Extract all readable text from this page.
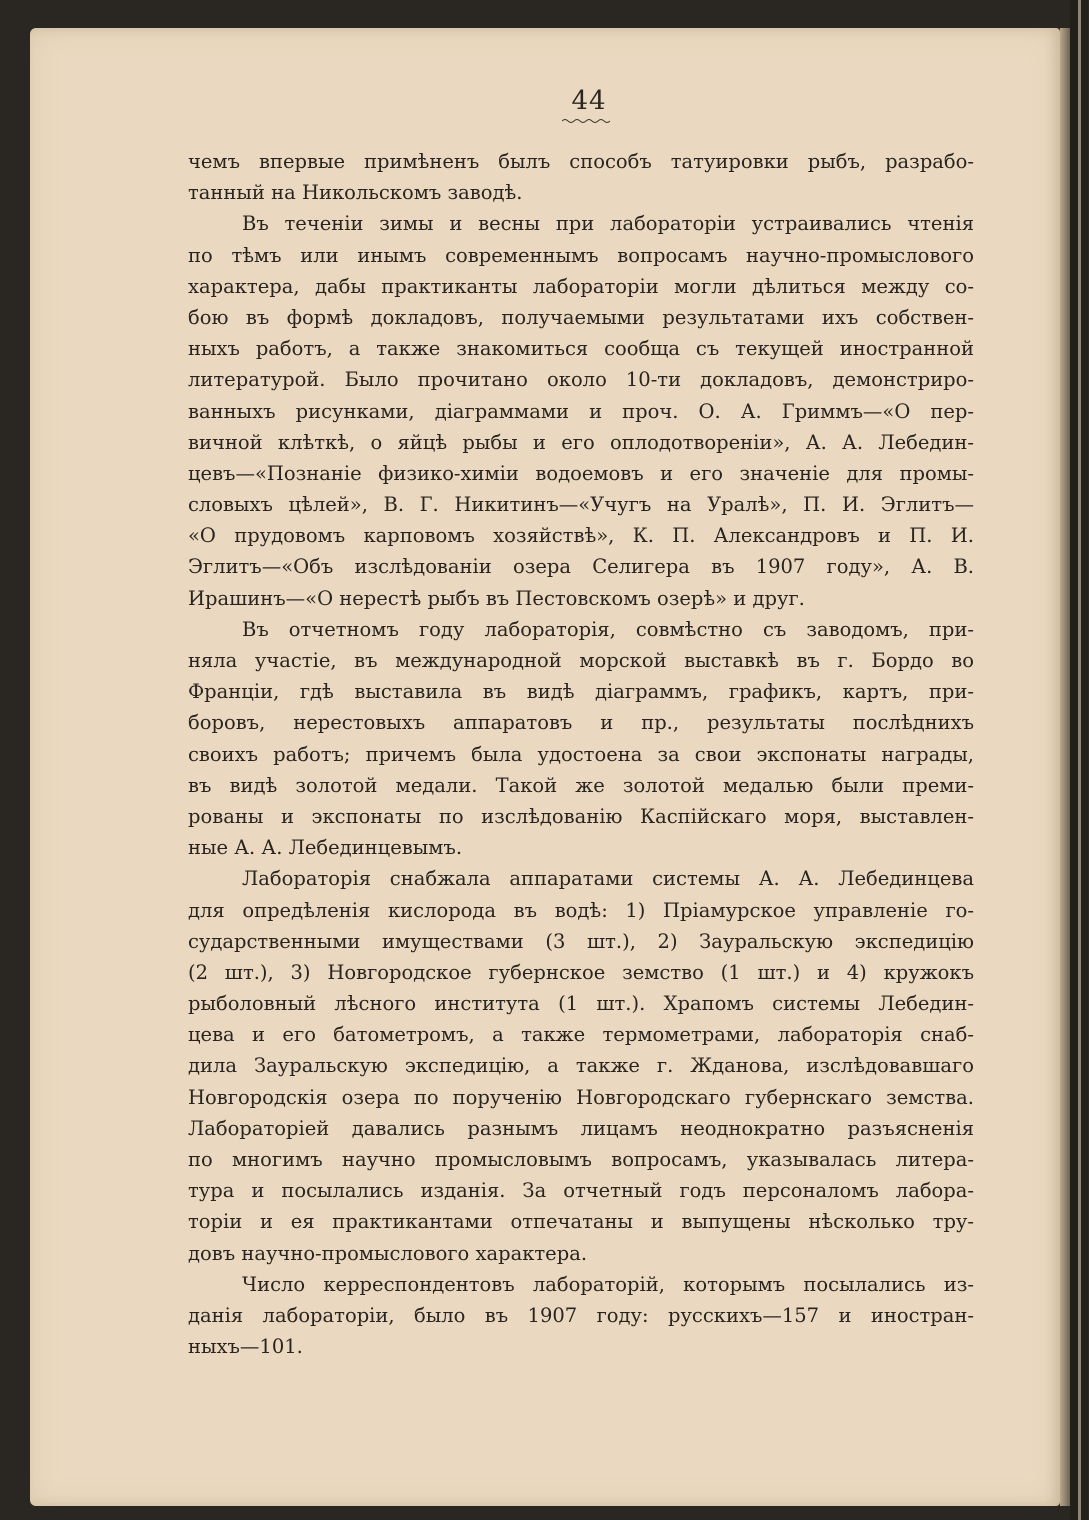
44
чемъ впервые примѣненъ былъ способъ татуировки рыбъ, разрабо-
танный на Никольскомъ заводѣ.
Въ теченіи зимы и весны при лабораторіи устраивались чтенія
по тѣмъ или инымъ современнымъ вопросамъ научно-промыслового
характера, дабы практиканты лабораторіи могли дѣлиться между со-
бою въ формѣ докладовъ, получаемыми результатами ихъ собствен-
ныхъ работъ, а также знакомиться сообща съ текущей иностранной
литературой. Было прочитано около 10-ти докладовъ, демонстриро-
ванныхъ рисунками, діаграммами и проч. О. А. Гриммъ—«О пер-
вичной клѣткѣ, о яйцѣ рыбы и его оплодотвореніи», А. А. Лебедин-
цевъ—«Познаніе физико-химіи водоемовъ и его значеніе для промы-
словыхъ цѣлей», В. Г. Никитинъ—«Учугъ на Уралѣ», П. И. Эглитъ—
«О прудовомъ карповомъ хозяйствѣ», К. П. Александровъ и П. И.
Эглитъ—«Объ изслѣдованіи озера Селигера въ 1907 году», А. В.
Ирашинъ—«О нерестѣ рыбъ въ Пестовскомъ озерѣ» и друг.
Въ отчетномъ году лабораторія, совмѣстно съ заводомъ, при-
няла участіе, въ международной морской выставкѣ въ г. Бордо во
Франціи, гдѣ выставила въ видѣ діаграммъ, графикъ, картъ, при-
боровъ, нерестовыхъ аппаратовъ и пр., результаты послѣднихъ
своихъ работъ; причемъ была удостоена за свои экспонаты награды,
въ видѣ золотой медали. Такой же золотой медалью были преми-
рованы и экспонаты по изслѣдованію Каспійскаго моря, выставлен-
ные А. А. Лебединцевымъ.
Лабораторія снабжала аппаратами системы А. А. Лебединцева
для опредѣленія кислорода въ водѣ: 1) Пріамурское управленіе го-
сударственными имуществами (3 шт.), 2) Зауральскую экспедицію
(2 шт.), 3) Новгородское губернское земство (1 шт.) и 4) кружокъ
рыболовный лѣсного института (1 шт.). Храпомъ системы Лебедин-
цева и его батометромъ, а также термометрами, лабораторія снаб-
дила Зауральскую экспедицію, а также г. Жданова, изслѣдовавшаго
Новгородскія озера по порученію Новгородскаго губернскаго земства.
Лабораторіей давались разнымъ лицамъ неоднократно разъясненія
по многимъ научно промысловымъ вопросамъ, указывалась литера-
тура и посылались изданія. За отчетный годъ персоналомъ лабора-
торіи и ея практикантами отпечатаны и выпущены нѣсколько тру-
довъ научно-промыслового характера.
Число керреспондентовъ лабораторій, которымъ посылались из-
данія лабораторіи, было въ 1907 году: русскихъ—157 и иностран-
ныхъ—101.
